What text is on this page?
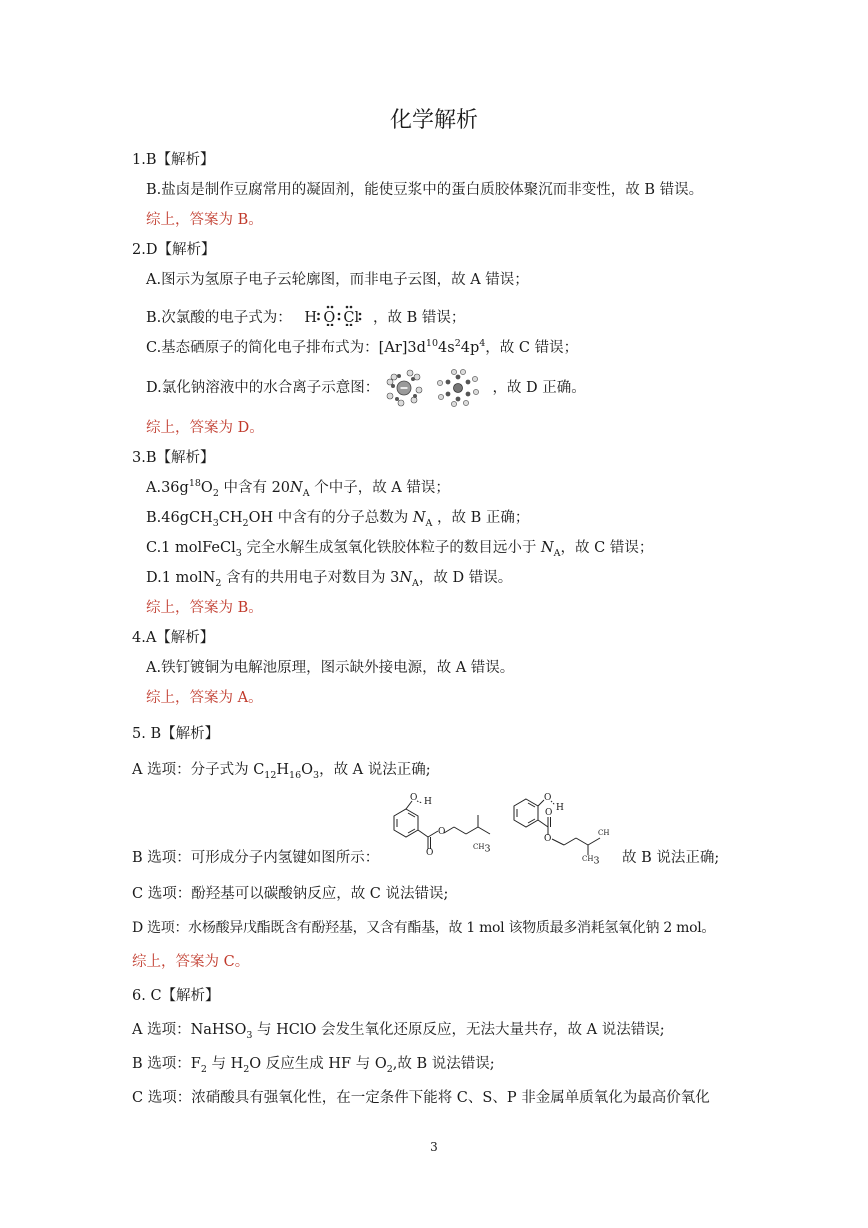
化学解析
1.B【解析】
B.盐卤是制作豆腐常用的凝固剂，能使豆浆中的蛋白质胶体聚沉而非变性，故 B 错误。
综上，答案为 B。
2.D【解析】
A.图示为氢原子电子云轮廓图，而非电子云图，故 A 错误；
B.次氯酸的电子式为： H O Cl ，故 B 错误；
C.基态硒原子的简化电子排布式为：$[Ar]3d^{10}4s^24p^4$，故 C 错误；
D.氯化钠溶液中的水合离子示意图：	，故 D 正确。
综上，答案为 D。
3.B【解析】
$A.36g^{18}O_2$ 中含有 $20N_A$ 个中子，故 A 错误；
$B.46gCH_3CH_2OH$ 中含有的分子总数为 $N_A$ ，故 B 正确；
C.1 molFeCl$_3$ 完全水解生成氢氧化铁胶体粒子的数目远小于 $N_A$，故 C 错误；
D.1 molN$_2$ 含有的共用电子对数目为 $3N_A$，故 D 错误。
综上，答案为 B。
4.A【解析】
A.铁钉镀铜为电解池原理，图示缺外接电源，故 A 错误。
综上，答案为 A。
5. B【解析】
A 选项：分子式为 $C_{12}H_{16}O_3$，故 A 说法正确;
O H
O
O
$CH_3$
O
H
O
O
CH
$CH_3$
B 选项：可形成分子内氢键如图所示：	故 B 说法正确;
C 选项：酚羟基可以碳酸钠反应，故 C 说法错误;
D 选项：水杨酸异戊酯既含有酚羟基，又含有酯基，故 1 mol 该物质最多消耗氢氧化钠 2 mol。
综上，答案为 C。
6. C【解析】
A 选项：NaHSO$_3$ 与 HClO 会发生氧化还原反应，无法大量共存，故 A 说法错误;
B 选项：$F_2$ 与 $H_2O$ 反应生成 HF 与 $O_2$,故 B 说法错误;
C 选项：浓硝酸具有强氧化性，在一定条件下能将 C、S、P 非金属单质氧化为最高价氧化
3
